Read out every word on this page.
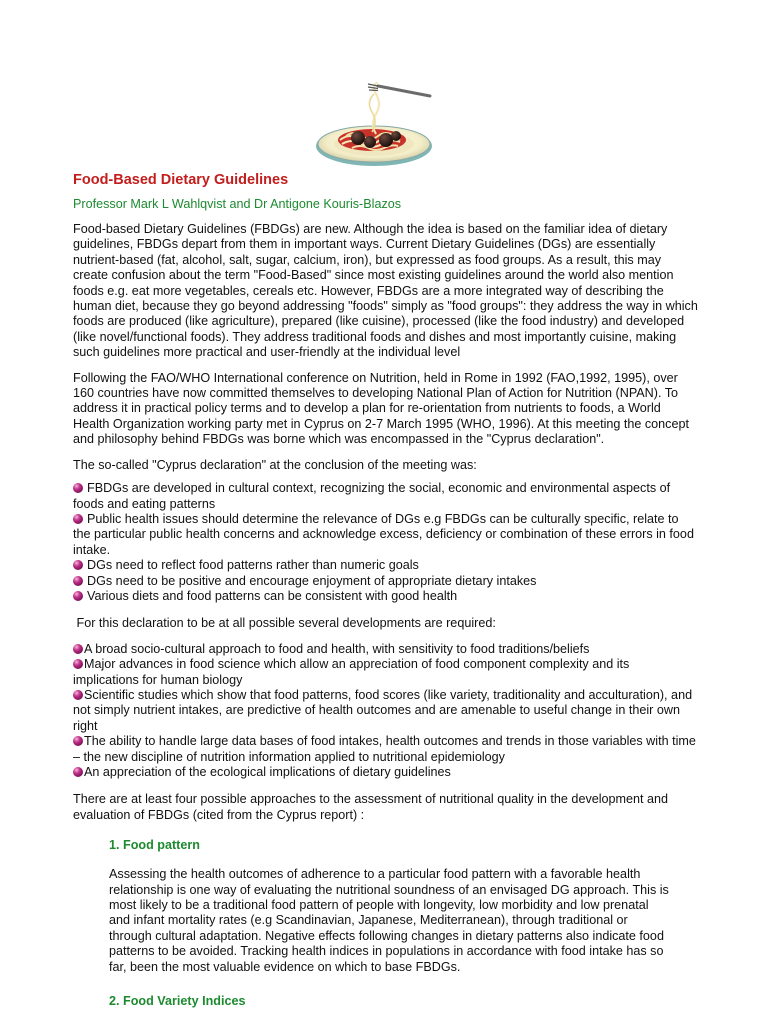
Food-Based Dietary Guidelines
Professor Mark L Wahlqvist and Dr Antigone Kouris-Blazos

Food-based Dietary Guidelines (FBDGs) are new. Although the idea is based on the familiar idea of dietary guidelines, FBDGs depart from them in important ways. Current Dietary Guidelines (DGs) are essentially nutrient-based (fat, alcohol, salt, sugar, calcium, iron), but expressed as food groups. As a result, this may create confusion about the term "Food-Based" since most existing guidelines around the world also mention foods e.g. eat more vegetables, cereals etc. However, FBDGs are a more integrated way of describing the human diet, because they go beyond addressing "foods" simply as "food groups": they address the way in which foods are produced (like agriculture), prepared (like cuisine), processed (like the food industry) and developed (like novel/functional foods). They address traditional foods and dishes and most importantly cuisine, making such guidelines more practical and user-friendly at the individual level

Following the FAO/WHO International conference on Nutrition, held in Rome in 1992 (FAO,1992, 1995), over 160 countries have now committed themselves to developing National Plan of Action for Nutrition (NPAN). To address it in practical policy terms and to develop a plan for re-orientation from nutrients to foods, a World Health Organization working party met in Cyprus on 2-7 March 1995 (WHO, 1996). At this meeting the concept and philosophy behind FBDGs was borne which was encompassed in the "Cyprus declaration".

The so-called "Cyprus declaration" at the conclusion of the meeting was:

FBDGs are developed in cultural context, recognizing the social, economic and environmental aspects of foods and eating patterns
Public health issues should determine the relevance of DGs e.g FBDGs can be culturally specific, relate to the particular public health concerns and acknowledge excess, deficiency or combination of these errors in food intake.
DGs need to reflect food patterns rather than numeric goals
DGs need to be positive and encourage enjoyment of appropriate dietary intakes
Various diets and food patterns can be consistent with good health

For this declaration to be at all possible several developments are required:

A broad socio-cultural approach to food and health, with sensitivity to food traditions/beliefs
Major advances in food science which allow an appreciation of food component complexity and its implications for human biology
Scientific studies which show that food patterns, food scores (like variety, traditionality and acculturation), and not simply nutrient intakes, are predictive of health outcomes and are amenable to useful change in their own right
The ability to handle large data bases of food intakes, health outcomes and trends in those variables with time – the new discipline of nutrition information applied to nutritional epidemiology
An appreciation of the ecological implications of dietary guidelines

There are at least four possible approaches to the assessment of nutritional quality in the development and evaluation of FBDGs (cited from the Cyprus report) :

1. Food pattern

Assessing the health outcomes of adherence to a particular food pattern with a favorable health relationship is one way of evaluating the nutritional soundness of an envisaged DG approach. This is most likely to be a traditional food pattern of people with longevity, low morbidity and low prenatal and infant mortality rates (e.g Scandinavian, Japanese, Mediterranean), through traditional or through cultural adaptation. Negative effects following changes in dietary patterns also indicate food patterns to be avoided. Tracking health indices in populations in accordance with food intake has so far, been the most valuable evidence on which to base FBDGs.

2. Food Variety Indices
